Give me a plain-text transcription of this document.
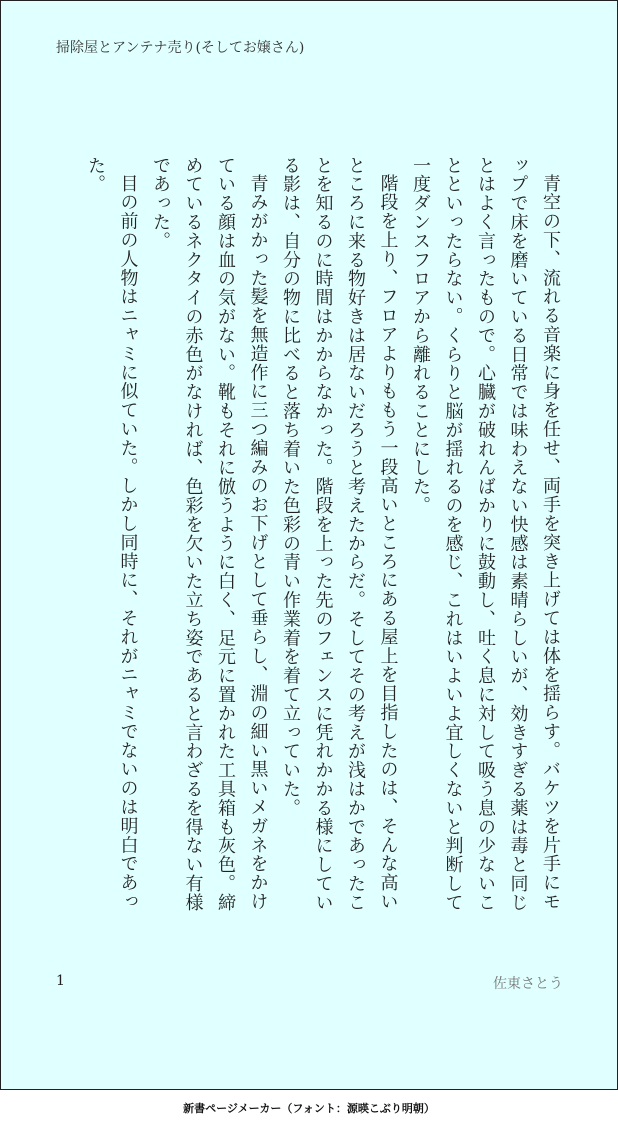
掃除屋とアンテナ売り(そしてお嬢さん)

青空の下、流れる音楽に身を任せ、両手を突き上げては体を揺らす。バケツを片手にモップで床を磨いている日常では味わえない快感は素晴らしいが、効きすぎる薬は毒と同じとはよく言ったもので。心臓が破れんばかりに鼓動し、吐く息に対して吸う息の少ないことといったらない。くらりと脳が揺れるのを感じ、これはいよいよ宜しくないと判断して一度ダンスフロアから離れることにした。

階段を上り、フロアよりももう一段高いところにある屋上を目指したのは、そんな高いところに来る物好きは居ないだろうと考えたからだ。そしてその考えが浅はかであったことを知るのに時間はかからなかった。階段を上った先のフェンスに凭れかかる様にしている影は、自分の物に比べると落ち着いた色彩の青い作業着を着て立っていた。

青みがかった髪を無造作に三つ編みのお下げとして垂らし、淵の細い黒いメガネをかけている顔は血の気がない。靴もそれに倣うように白く、足元に置かれた工具箱も灰色。締めているネクタイの赤色がなければ、色彩を欠いた立ち姿であると言わざるを得ない有様であった。

目の前の人物はニャミに似ていた。しかし同時に、それがニャミでないのは明白であった。

1	佐東さとう
新書ページメーカー（フォント：源暎こぶり明朝）
